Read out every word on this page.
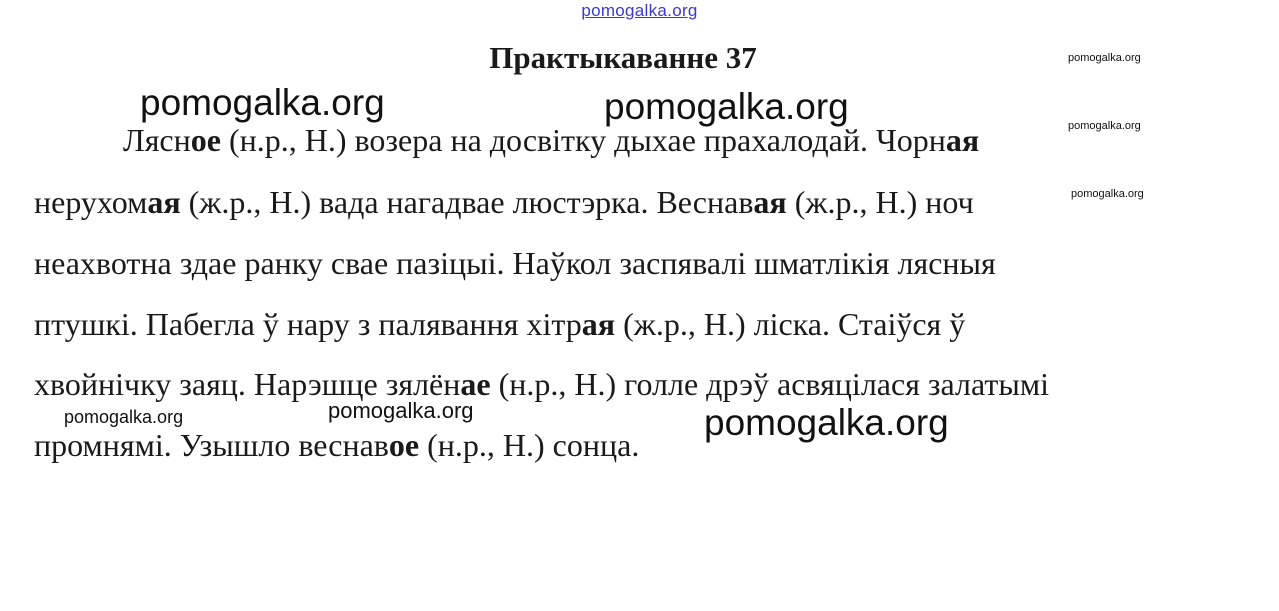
pomogalka.org
Практыкаванне 37
Лясное (н.р., Н.) возера на досвітку дыхае прахалодай. Чорная
нерухомая (ж.р., Н.) вада нагадвае люстэрка. Веснавая (ж.р., Н.) ноч
неахвотна здае ранку свае пазіцыі. Наўкол заспявалі шматлікія лясныя
птушкі. Пабегла ў нару з палявання хітрая (ж.р., Н.) ліска. Стаіўся ў
хвойнічку заяц. Нарэшце зялёнае (н.р., Н.) голле дрэў асвяцілася залатымі
промнямі. Узышло веснавое (н.р., Н.) сонца.
pomogalka.org	pomogalka.org
pomogalka.org
pomogalka.org
pomogalka.org
pomogalka.org
pomogalka.org
pomogalka.org
